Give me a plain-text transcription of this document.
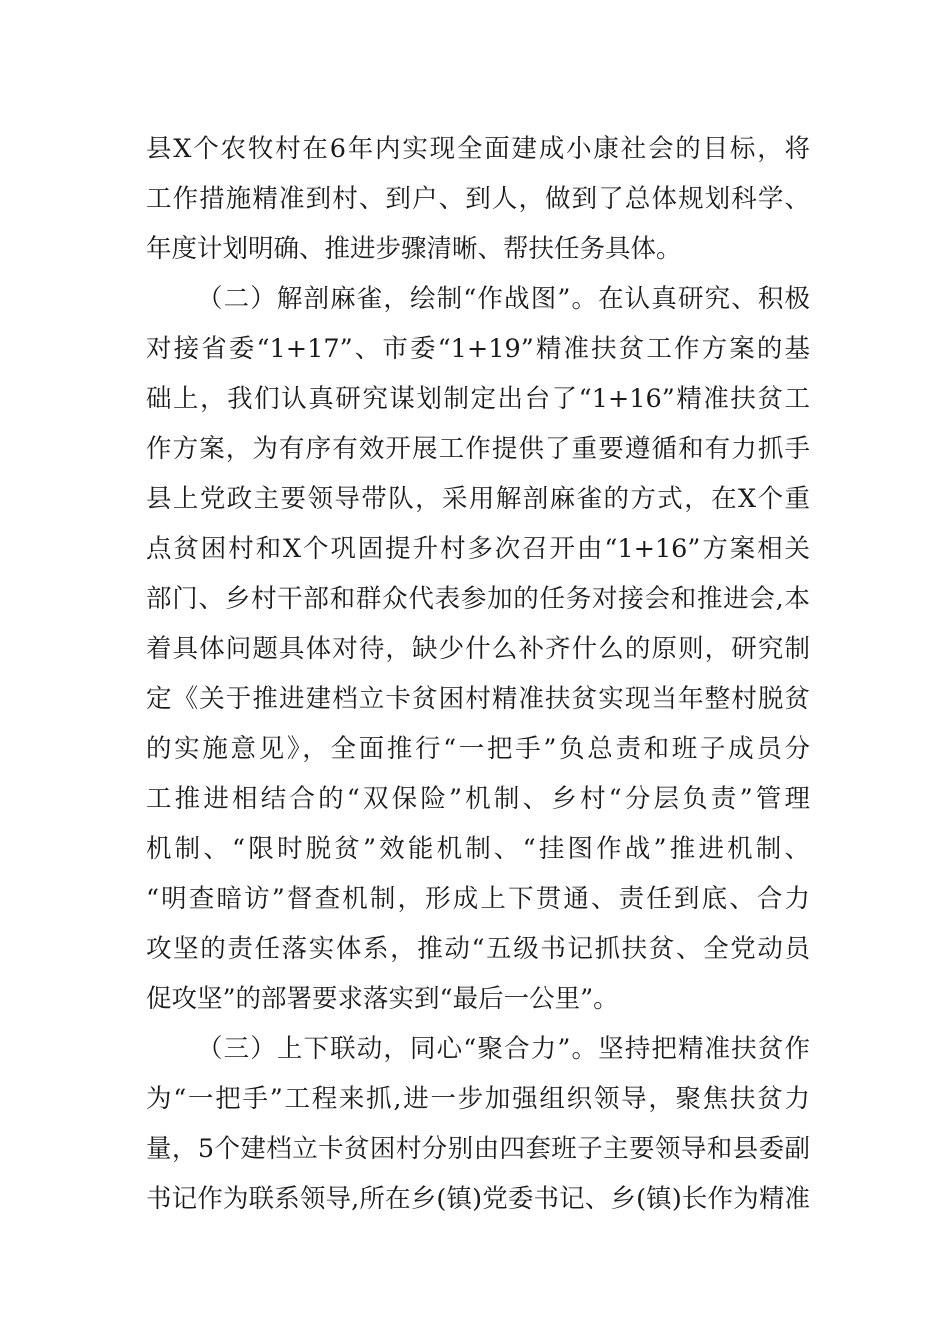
县X个农牧村在6年内实现全面建成小康社会的目标，将
工作措施精准到村、到户、到人，做到了总体规划科学、
年度计划明确、推进步骤清晰、帮扶任务具体。
（二）解剖麻雀，绘制“作战图”。在认真研究、积极
对接省委“1+17”、市委“1+19”精准扶贫工作方案的基
础上，我们认真研究谋划制定出台了“1+16”精准扶贫工
作方案，为有序有效开展工作提供了重要遵循和有力抓手
县上党政主要领导带队，采用解剖麻雀的方式，在X个重
点贫困村和X个巩固提升村多次召开由“1+16”方案相关
部门、乡村干部和群众代表参加的任务对接会和推进会,本
着具体问题具体对待，缺少什么补齐什么的原则，研究制
定《关于推进建档立卡贫困村精准扶贫实现当年整村脱贫
的实施意见》，全面推行“一把手”负总责和班子成员分
工推进相结合的“双保险”机制、乡村“分层负责”管理
机制、“限时脱贫”效能机制、“挂图作战”推进机制、
“明查暗访”督查机制，形成上下贯通、责任到底、合力
攻坚的责任落实体系，推动“五级书记抓扶贫、全党动员
促攻坚”的部署要求落实到“最后一公里”。
（三）上下联动，同心“聚合力”。坚持把精准扶贫作
为“一把手”工程来抓,进一步加强组织领导，聚焦扶贫力
量，5个建档立卡贫困村分别由四套班子主要领导和县委副
书记作为联系领导,所在乡(镇)党委书记、乡(镇)长作为精准
